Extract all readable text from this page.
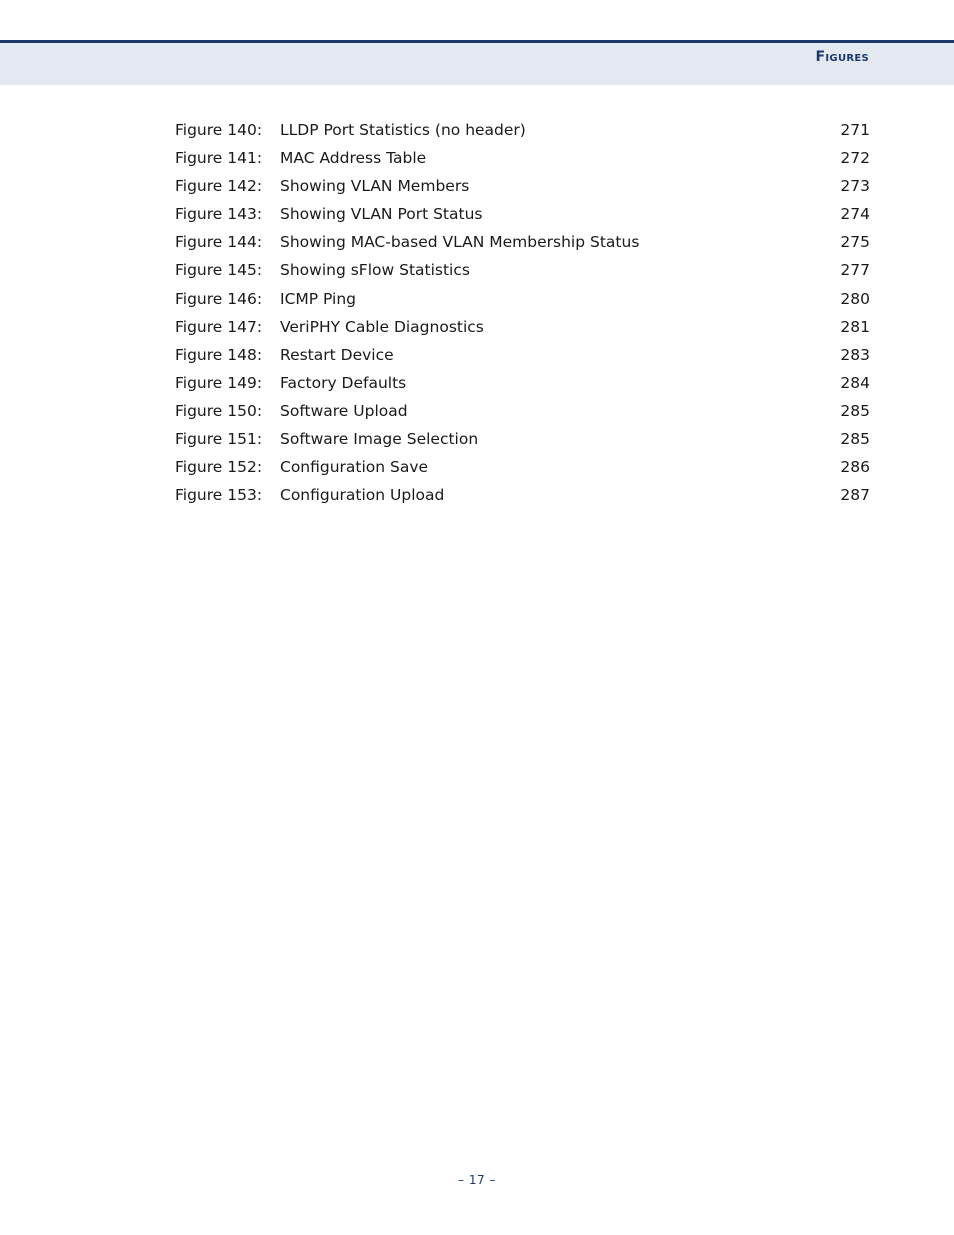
Figures
Figure 140: LLDP Port Statistics (no header)	271
Figure 141: MAC Address Table	272
Figure 142: Showing VLAN Members	273
Figure 143: Showing VLAN Port Status	274
Figure 144: Showing MAC-based VLAN Membership Status	275
Figure 145: Showing sFlow Statistics	277
Figure 146: ICMP Ping	280
Figure 147: VeriPHY Cable Diagnostics	281
Figure 148: Restart Device	283
Figure 149: Factory Defaults	284
Figure 150: Software Upload	285
Figure 151: Software Image Selection	285
Figure 152: Configuration Save	286
Figure 153: Configuration Upload	287
– 17 –
